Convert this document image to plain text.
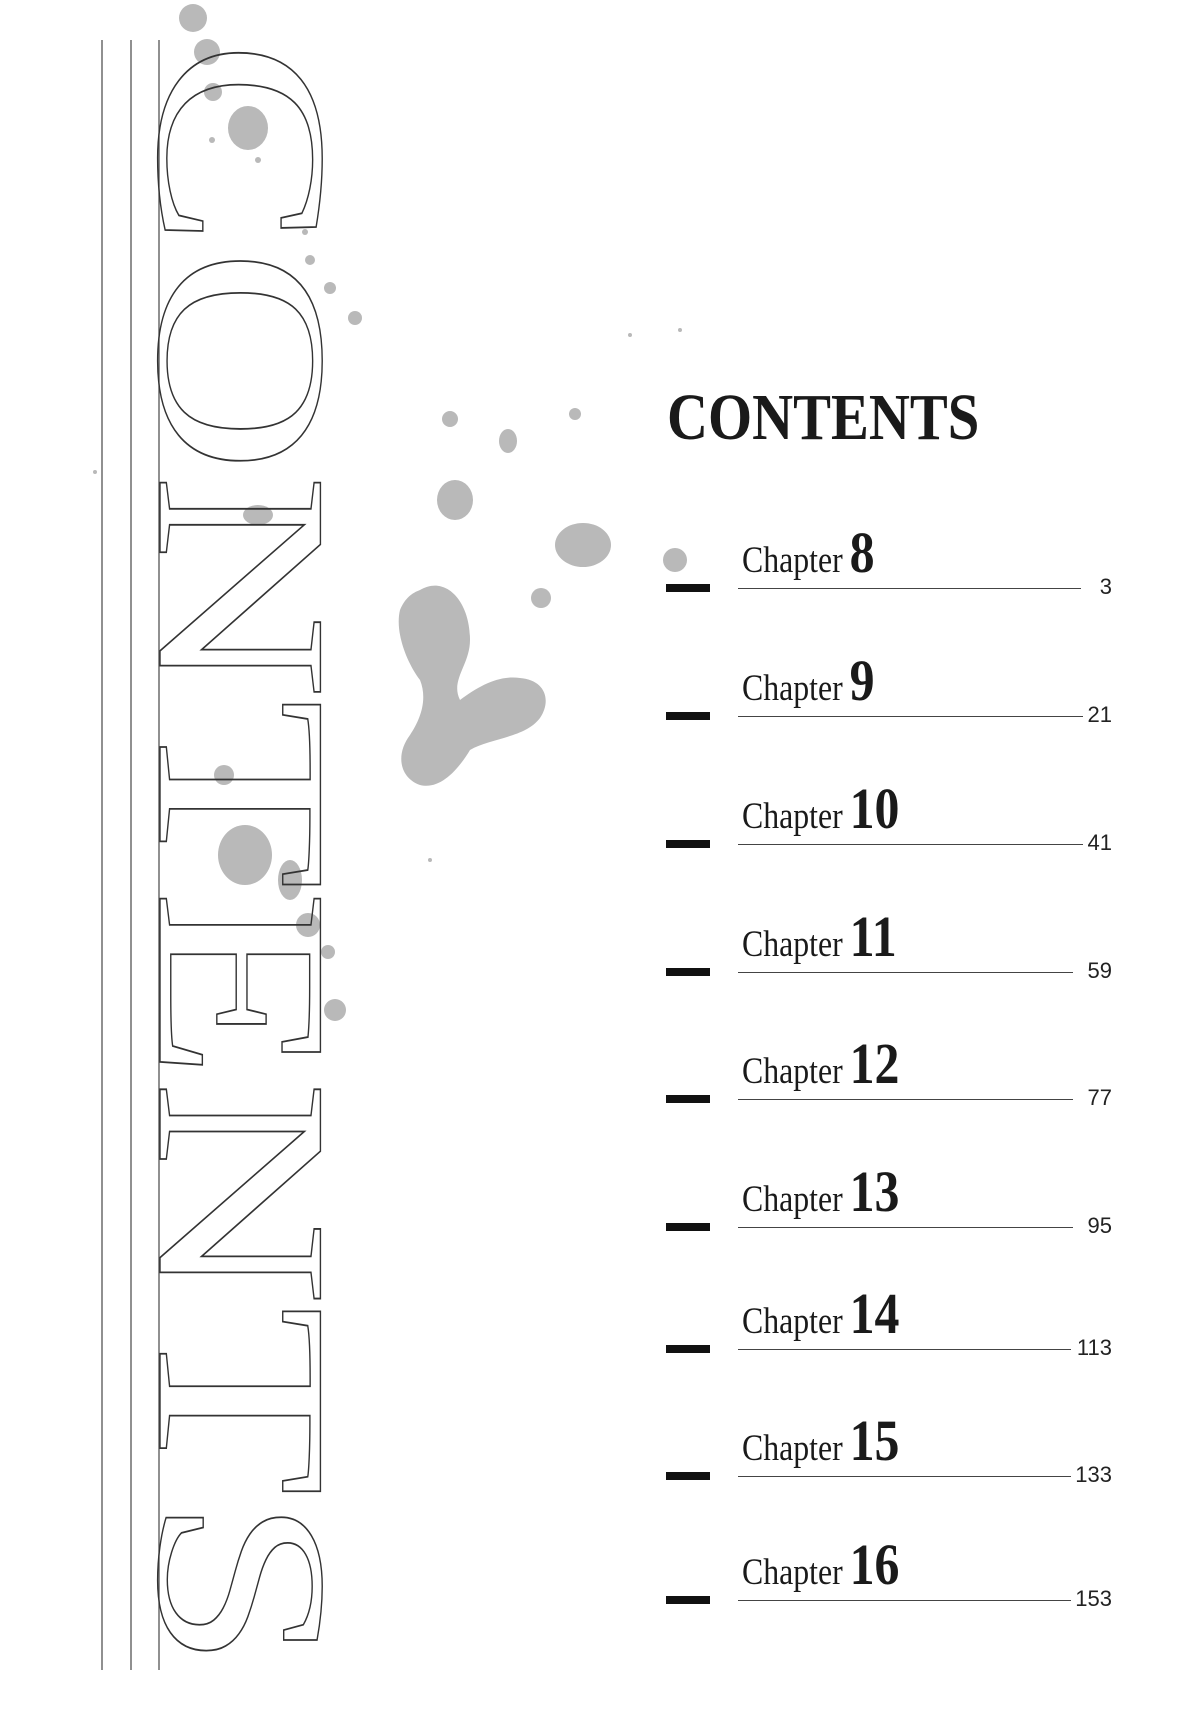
CONTENTS	CONTENTS
Chapter 8
3
Chapter 9
21
Chapter 10
41
Chapter 11
59
Chapter 12
77
Chapter 13
95
Chapter 14
113
Chapter 15
133
Chapter 16
153
